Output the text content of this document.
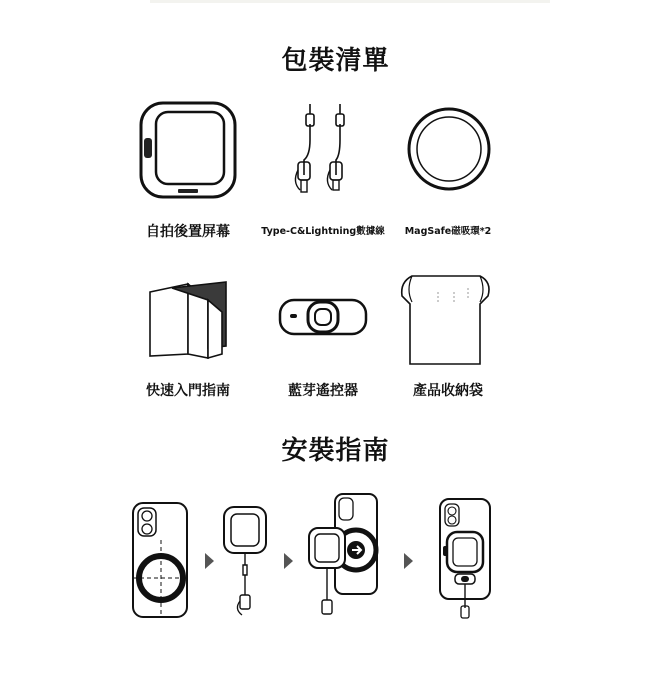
包裝清單
自拍後置屏幕	Type-C&Lightning數據線	MagSafe磁吸環*2
快速入門指南	藍芽遙控器	產品收納袋
安裝指南
